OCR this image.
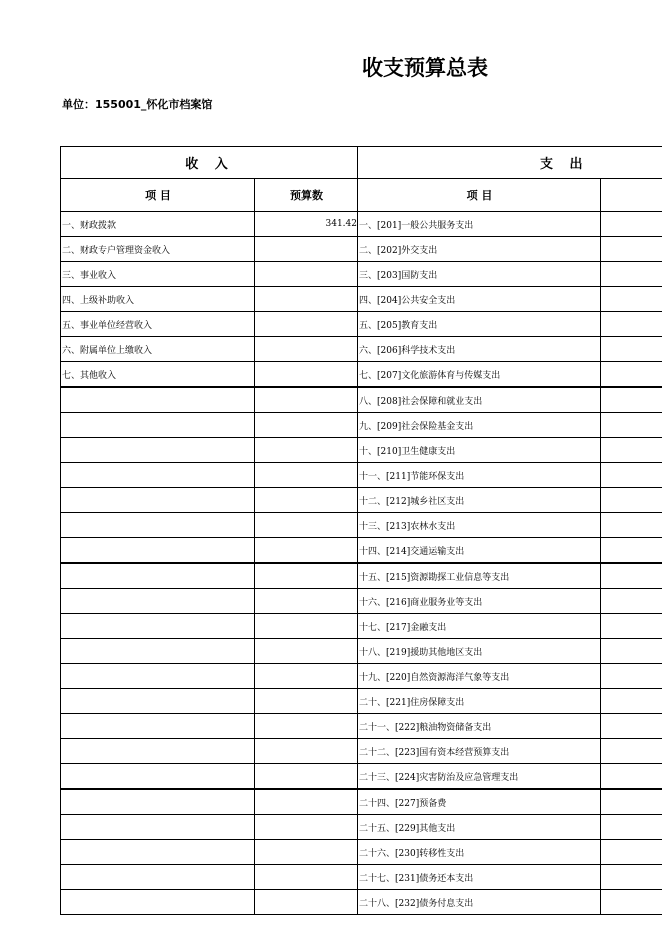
收支预算总表
单位：155001_怀化市档案馆
收 入		支 出	
项 目	预算数	项 目	
一、财政拨款	341.42	一、[201]一般公共服务支出	
二、财政专户管理资金收入		二、[202]外交支出	
三、事业收入		三、[203]国防支出	
四、上级补助收入		四、[204]公共安全支出	
五、事业单位经营收入		五、[205]教育支出	
六、附属单位上缴收入		六、[206]科学技术支出	
七、其他收入		七、[207]文化旅游体育与传媒支出	
		八、[208]社会保障和就业支出	
		九、[209]社会保险基金支出	
		十、[210]卫生健康支出	
		十一、[211]节能环保支出	
		十二、[212]城乡社区支出	
		十三、[213]农林水支出	
		十四、[214]交通运输支出	
		十五、[215]资源勘探工业信息等支出	
		十六、[216]商业服务业等支出	
		十七、[217]金融支出	
		十八、[219]援助其他地区支出	
		十九、[220]自然资源海洋气象等支出	
		二十、[221]住房保障支出	
		二十一、[222]粮油物资储备支出	
		二十二、[223]国有资本经营预算支出	
		二十三、[224]灾害防治及应急管理支出	
		二十四、[227]预备费	
		二十五、[229]其他支出	
		二十六、[230]转移性支出	
		二十七、[231]债务还本支出	
		二十八、[232]债务付息支出	
